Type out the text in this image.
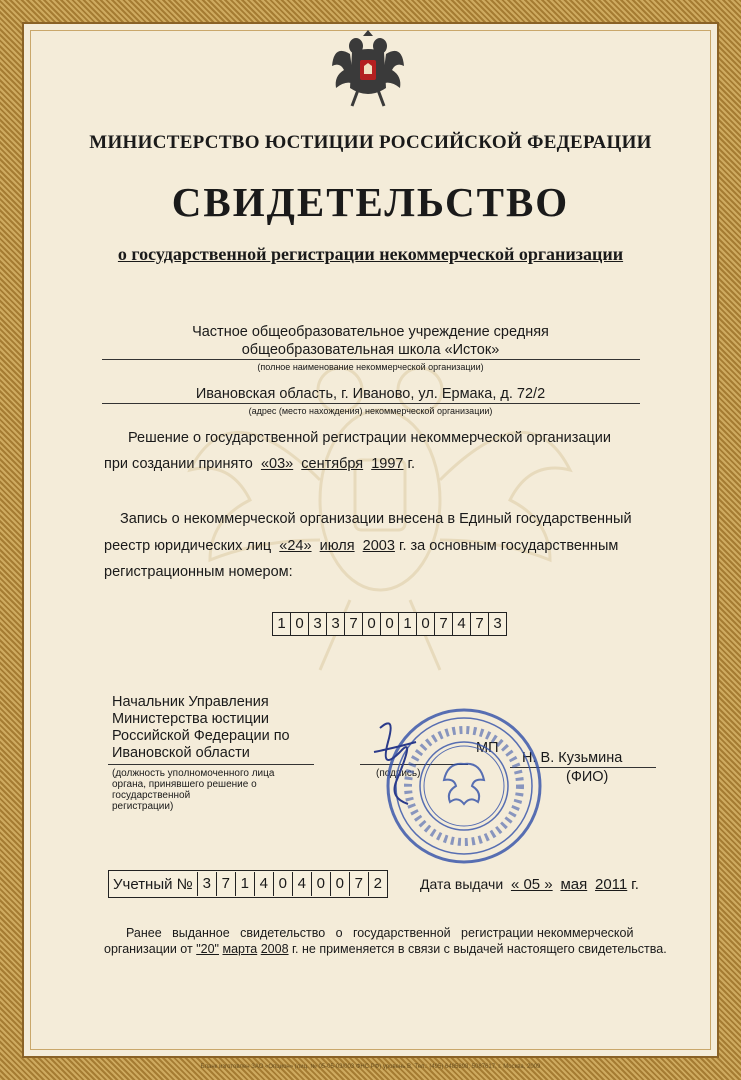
МИНИСТЕРСТВО ЮСТИЦИИ РОССИЙСКОЙ ФЕДЕРАЦИИ
СВИДЕТЕЛЬСТВО
о государственной регистрации некоммерческой организации
Частное общеобразовательное учреждение средняя
общеобразовательная школа «Исток»
(полное наименование некоммерческой организации)
Ивановская область, г. Иваново, ул. Ермака, д. 72/2
(адрес (место нахождения) некоммерческой организации)
Решение о государственной регистрации некоммерческой организации
при создании принято «03» сентября 1997 г.
Запись о некоммерческой организации внесена в Единый государственный
реестр юридических лиц «24» июля 2003 г. за основным государственным
регистрационным номером:
1 0 3 3 7 0 0 1 0 7 4 7 3
Начальник Управления
Министерства юстиции
Российской Федерации по
Ивановской области
(должность уполномоченного лица
органа, принявшего решение о
государственной
регистрации)
(подпись)
МП
Н. В. Кузьмина
(ФИО)
Учетный № 3 7 1 4 0 4 0 0 7 2	Дата выдачи « 05 » мая 2011 г.
Ранее   выданное   свидетельство   о   государственной   регистрации некоммерческой
организации от "20" марта 2008 г. не применяется в связи с выдачей настоящего свидетельства.
Бланк изготовлен ЗАО «Опцион» (лиц. № 05-05-03/003 ФНС РФ) уровень В, Тел.: (495) 6485898, 5087617, г. Москва, 2009
